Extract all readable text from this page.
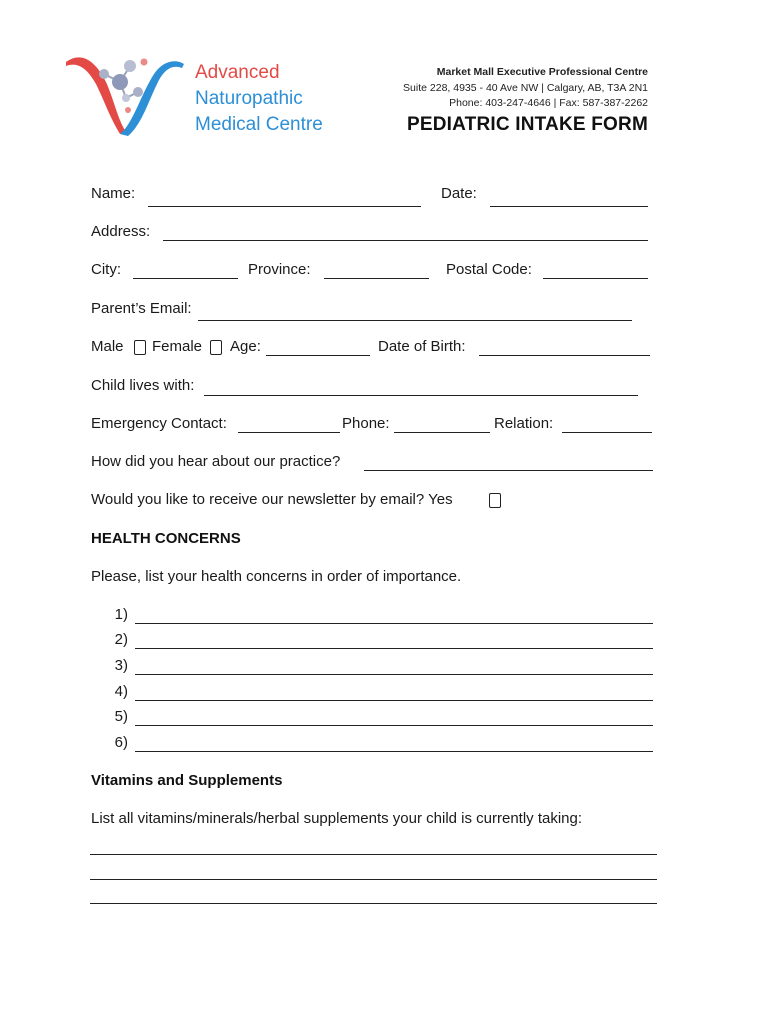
Advanced
Naturopathic
Medical Centre
Market Mall Executive Professional Centre
Suite 228, 4935 - 40 Ave NW | Calgary, AB, T3A 2N1
Phone: 403-247-4646 | Fax: 587-387-2262
PEDIATRIC INTAKE FORM
Name:	Date:
Address:
City:	Province:	Postal Code:
Parent’s Email:
Male Female Age:	Date of Birth:
Child lives with:
Emergency Contact:	Phone:	Relation:
How did you hear about our practice?
Would you like to receive our newsletter by email? Yes
HEALTH CONCERNS
Please, list your health concerns in order of importance.
1)
2)
3)
4)
5)
6)
Vitamins and Supplements
List all vitamins/minerals/herbal supplements your child is currently taking:
